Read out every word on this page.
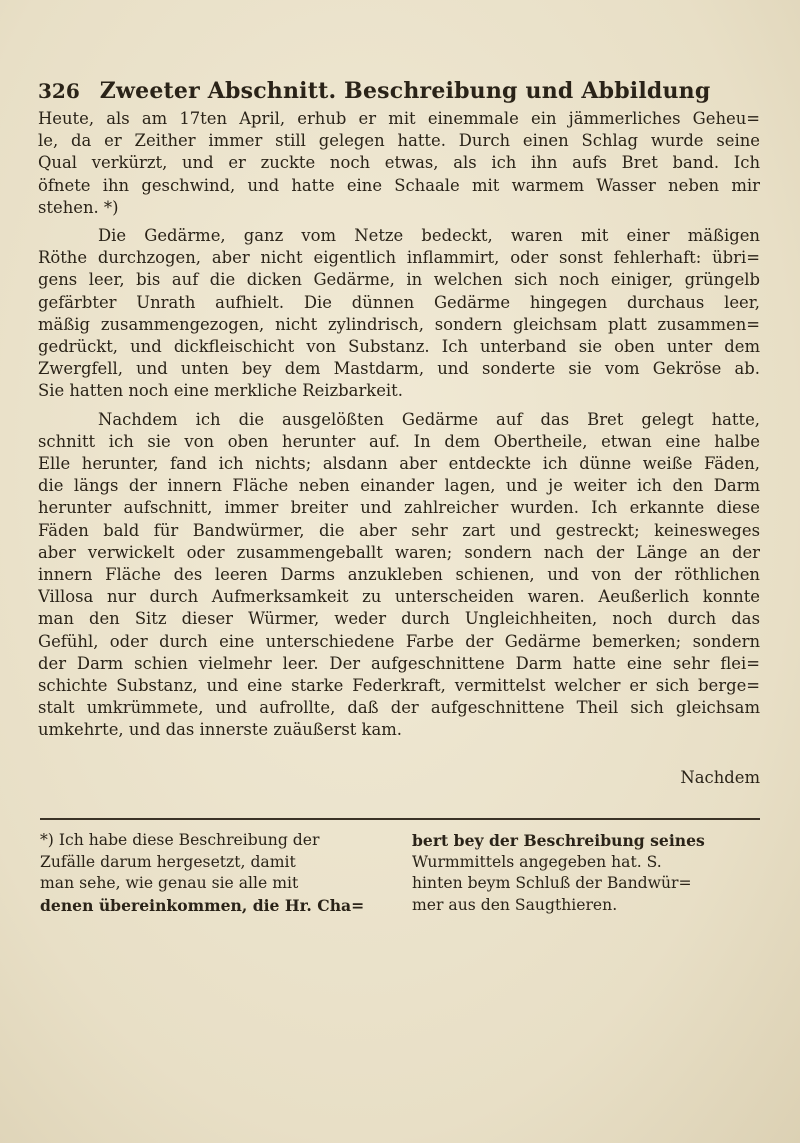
326 Zweeter Abschnitt. Beschreibung und Abbildung

Heute, als am 17ten April, erhub er mit einemmale ein jämmerliches Geheu=
le, da er Zeither immer still gelegen hatte. Durch einen Schlag wurde seine
Qual verkürzt, und er zuckte noch etwas, als ich ihn aufs Bret band. Ich
öfnete ihn geschwind, und hatte eine Schaale mit warmem Wasser neben mir
stehen. *)

Die Gedärme, ganz vom Netze bedeckt, waren mit einer mäßigen
Röthe durchzogen, aber nicht eigentlich inflammirt, oder sonst fehlerhaft: übri=
gens leer, bis auf die dicken Gedärme, in welchen sich noch einiger, grüngelb
gefärbter Unrath aufhielt. Die dünnen Gedärme hingegen durchaus leer,
mäßig zusammengezogen, nicht zylindrisch, sondern gleichsam platt zusammen=
gedrückt, und dickfleischicht von Substanz. Ich unterband sie oben unter dem
Zwergfell, und unten bey dem Mastdarm, und sonderte sie vom Gekröse ab.
Sie hatten noch eine merkliche Reizbarkeit.

Nachdem ich die ausgelößten Gedärme auf das Bret gelegt hatte,
schnitt ich sie von oben herunter auf. In dem Obertheile, etwan eine halbe
Elle herunter, fand ich nichts; alsdann aber entdeckte ich dünne weiße Fäden,
die längs der innern Fläche neben einander lagen, und je weiter ich den Darm
herunter aufschnitt, immer breiter und zahlreicher wurden. Ich erkannte diese
Fäden bald für Bandwürmer, die aber sehr zart und gestreckt; keinesweges
aber verwickelt oder zusammengeballt waren; sondern nach der Länge an der
innern Fläche des leeren Darms anzukleben schienen, und von der röthlichen
Villosa nur durch Aufmerksamkeit zu unterscheiden waren. Aeußerlich konnte
man den Sitz dieser Würmer, weder durch Ungleichheiten, noch durch das
Gefühl, oder durch eine unterschiedene Farbe der Gedärme bemerken; sondern
der Darm schien vielmehr leer. Der aufgeschnittene Darm hatte eine sehr flei=
schichte Substanz, und eine starke Federkraft, vermittelst welcher er sich berge=
stalt umkrümmete, und aufrollte, daß der aufgeschnittene Theil sich gleichsam
umkehrte, und das innerste zuäußerst kam.

Nachdem
*) Ich habe diese Beschreibung der
Zufälle darum hergesetzt, damit
man sehe, wie genau sie alle mit
denen übereinkommen, die Hr. Cha=
bert bey der Beschreibung seines
Wurmmittels angegeben hat. S.
hinten beym Schluß der Bandwür=
mer aus den Saugthieren.
